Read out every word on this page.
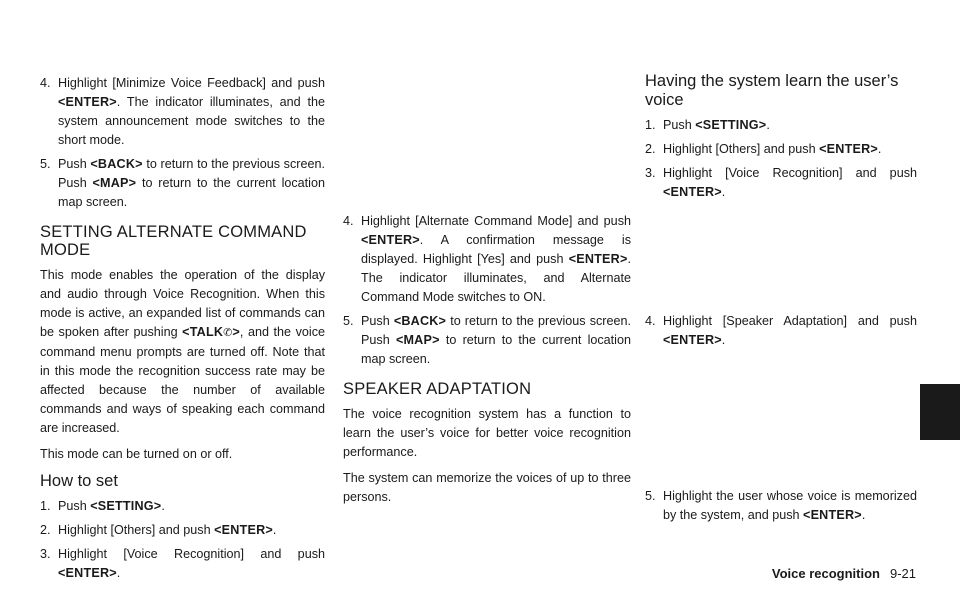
4. Highlight [Minimize Voice Feedback] and push <ENTER>. The indicator illuminates, and the system announcement mode switches to the short mode.
5. Push <BACK> to return to the previous screen. Push <MAP> to return to the current location map screen.
SETTING ALTERNATE COMMAND MODE

This mode enables the operation of the display and audio through Voice Recognition. When this mode is active, an expanded list of commands can be spoken after pushing <TALK✆>, and the voice command menu prompts are turned off. Note that in this mode the recognition success rate may be affected because the number of available commands and ways of speaking each command are increased.

This mode can be turned on or off.

How to set
1. Push <SETTING>.
2. Highlight [Others] and push <ENTER>.
3. Highlight [Voice Recognition] and push <ENTER>.
4. Highlight [Alternate Command Mode] and push <ENTER>. A confirmation message is displayed. Highlight [Yes] and push <ENTER>. The indicator illuminates, and Alternate Command Mode switches to ON.
5. Push <BACK> to return to the previous screen. Push <MAP> to return to the current location map screen.
SPEAKER ADAPTATION

The voice recognition system has a function to learn the user’s voice for better voice recognition performance.

The system can memorize the voices of up to three persons.

Having the system learn the user’s voice
1. Push <SETTING>.
2. Highlight [Others] and push <ENTER>.
3. Highlight [Voice Recognition] and push <ENTER>.
4. Highlight [Speaker Adaptation] and push <ENTER>.
5. Highlight the user whose voice is memorized by the system, and push <ENTER>.
Voice recognition 9-21
